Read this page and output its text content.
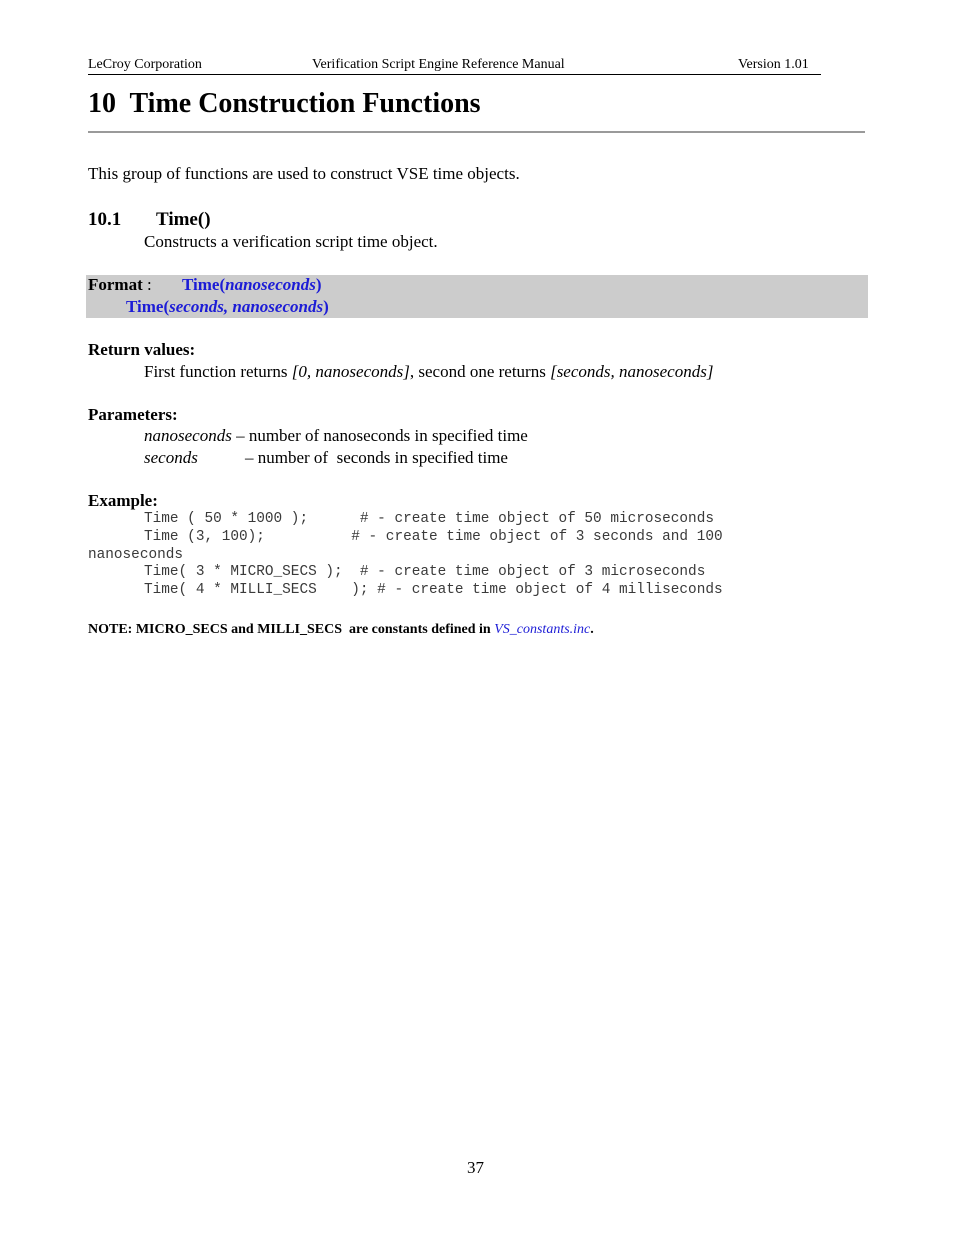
LeCroy Corporation	Verification Script Engine Reference Manual	Version 1.01
10  Time Construction Functions
This group of functions are used to construct VSE time objects.
10.1 Time()
Constructs a verification script time object.
Format : Time(nanoseconds)
Time(seconds, nanoseconds)
Return values:
First function returns [0, nanoseconds], second one returns [seconds, nanoseconds]
Parameters:
nanoseconds – number of nanoseconds in specified time
seconds	– number of  seconds in specified time
Example:
Time ( 50 * 1000 );      # - create time object of 50 microseconds
Time (3, 100);          # - create time object of 3 seconds and 100
nanoseconds
Time( 3 * MICRO_SECS );  # - create time object of 3 microseconds
Time( 4 * MILLI_SECS    ); # - create time object of 4 milliseconds
NOTE: MICRO_SECS and MILLI_SECS  are constants defined in VS_constants.inc.
37
